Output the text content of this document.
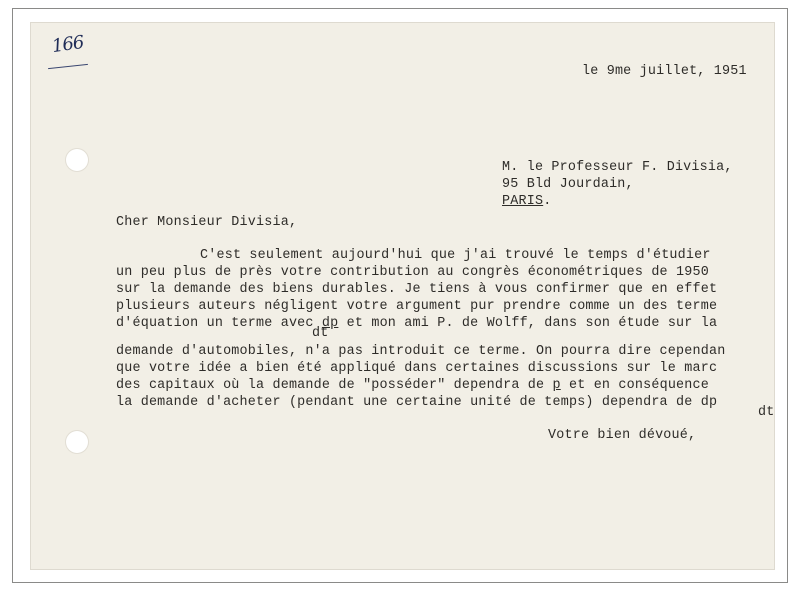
166
le 9me juillet, 1951
M. le Professeur F. Divisia,
95 Bld Jourdain,
PARIS.
Cher Monsieur Divisia,
C'est seulement aujourd'hui que j'ai trouvé le temps d'étudier
un peu plus de près votre contribution au congrès économétriques de 1950
sur la demande des biens durables. Je tiens à vous confirmer que en effet
plusieurs auteurs négligent votre argument pur prendre comme un des terme
d'équation un terme avec dp et mon ami P. de Wolff, dans son étude sur la
dt
demande d'automobiles, n'a pas introduit ce terme. On pourra dire cependan
que votre idée a bien été appliqué dans certaines discussions sur le marc
des capitaux où la demande de "posséder" dependra de p et en conséquence
la demande d'acheter (pendant une certaine unité de temps) dependra de dp
dt
Votre bien dévoué,
